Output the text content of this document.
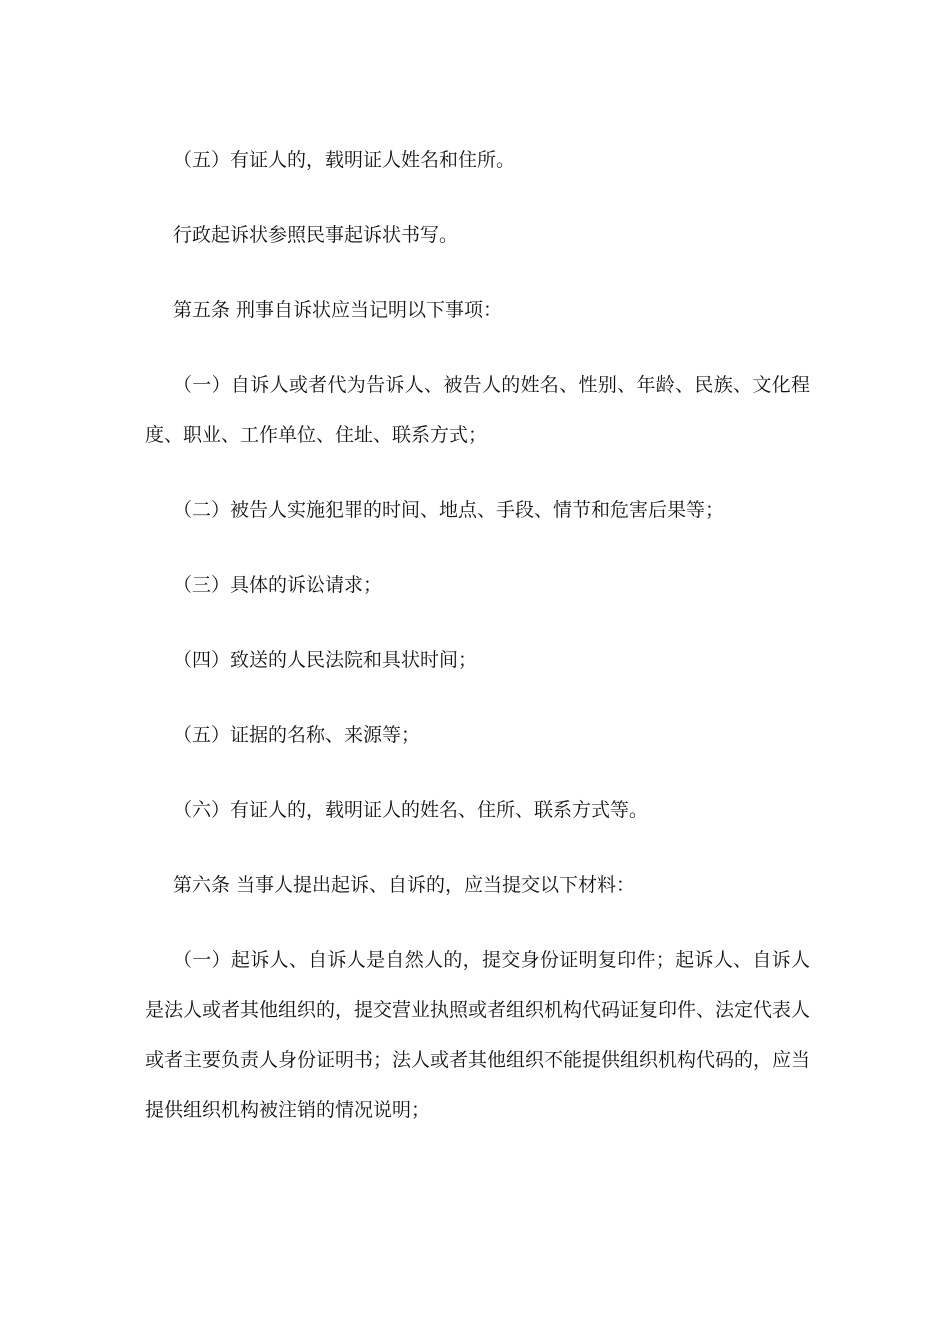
（五）有证人的，载明证人姓名和住所。

行政起诉状参照民事起诉状书写。

第五条 刑事自诉状应当记明以下事项：

（一）自诉人或者代为告诉人、被告人的姓名、性别、年龄、民族、文化程度、职业、工作单位、住址、联系方式；

（二）被告人实施犯罪的时间、地点、手段、情节和危害后果等；

（三）具体的诉讼请求；

（四）致送的人民法院和具状时间；

（五）证据的名称、来源等；

（六）有证人的，载明证人的姓名、住所、联系方式等。

第六条 当事人提出起诉、自诉的，应当提交以下材料：

（一）起诉人、自诉人是自然人的，提交身份证明复印件；起诉人、自诉人是法人或者其他组织的，提交营业执照或者组织机构代码证复印件、法定代表人或者主要负责人身份证明书；法人或者其他组织不能提供组织机构代码的，应当提供组织机构被注销的情况说明；
